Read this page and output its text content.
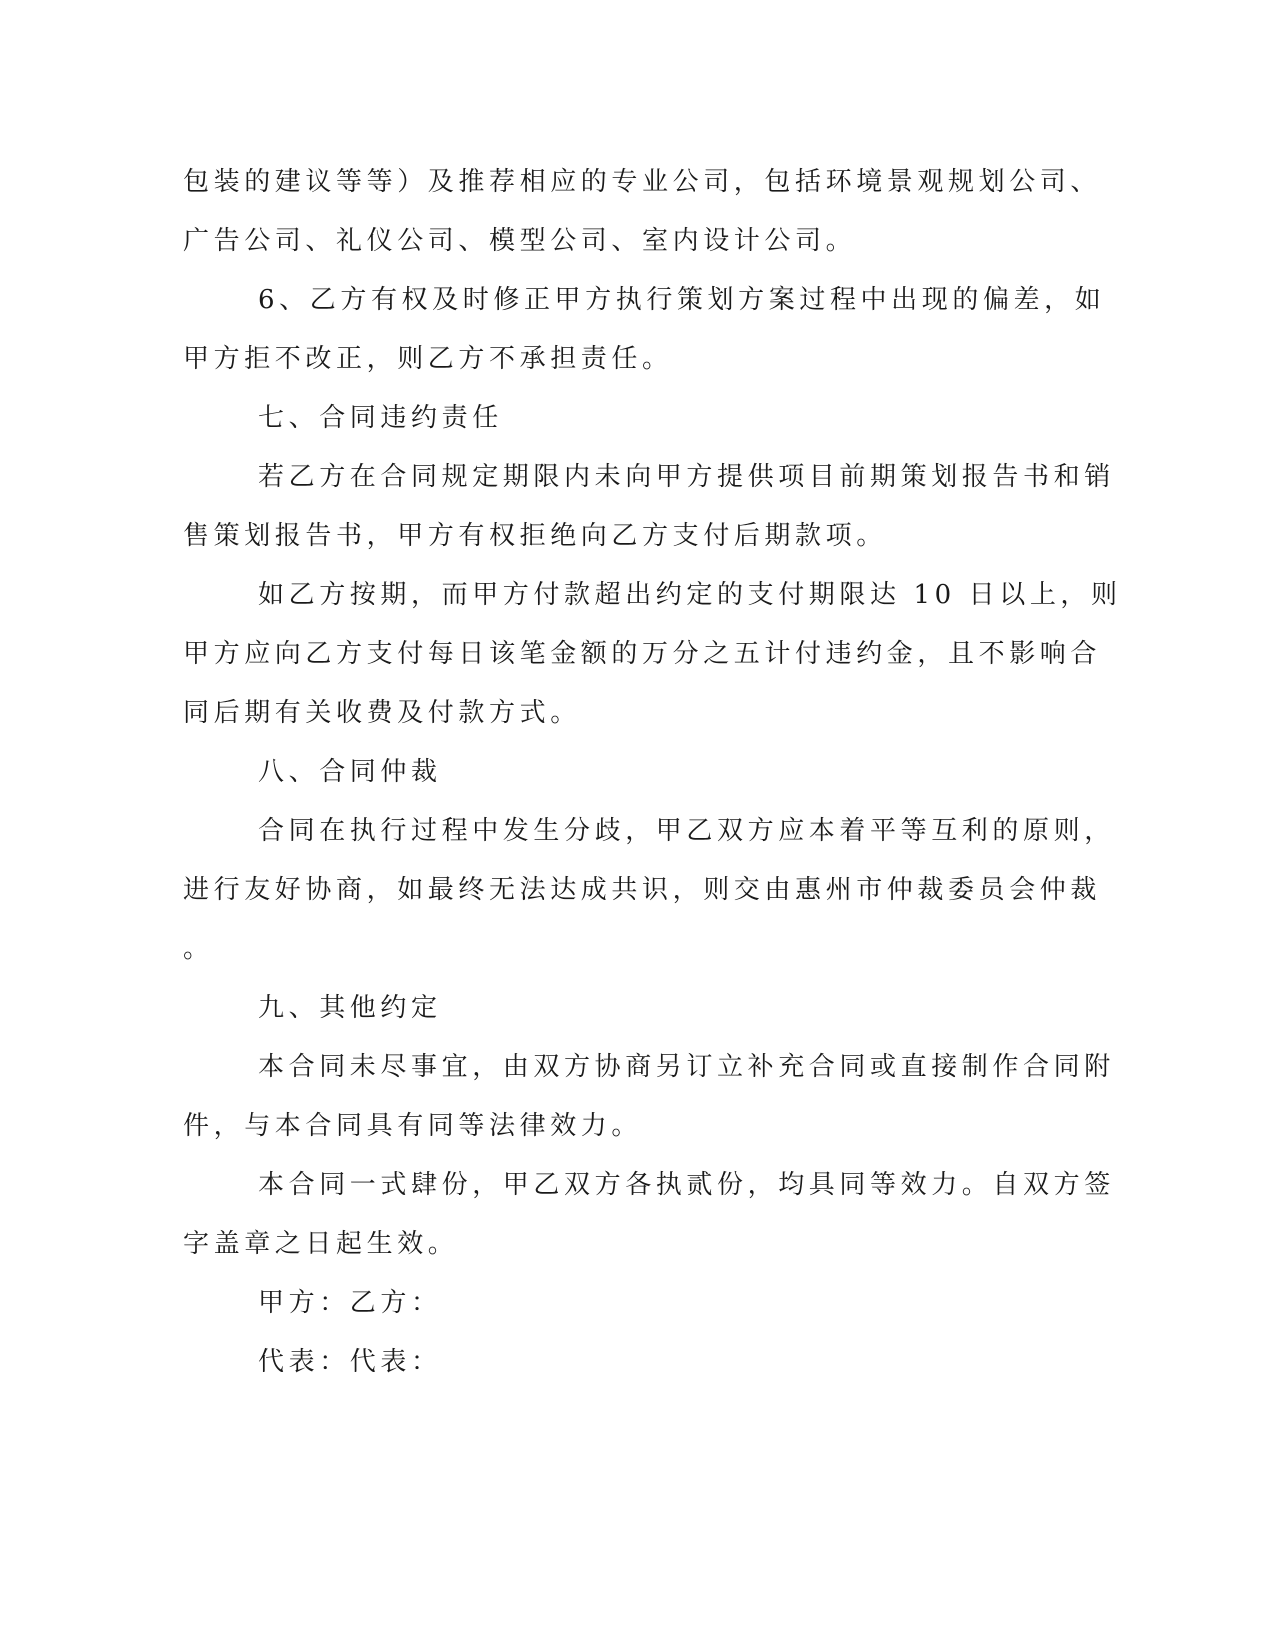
包装的建议等等）及推荐相应的专业公司，包括环境景观规划公司、
广告公司、礼仪公司、模型公司、室内设计公司。
6、乙方有权及时修正甲方执行策划方案过程中出现的偏差，如
甲方拒不改正，则乙方不承担责任。
七、合同违约责任
若乙方在合同规定期限内未向甲方提供项目前期策划报告书和销
售策划报告书，甲方有权拒绝向乙方支付后期款项。
如乙方按期，而甲方付款超出约定的支付期限达 10 日以上，则
甲方应向乙方支付每日该笔金额的万分之五计付违约金，且不影响合
同后期有关收费及付款方式。
八、合同仲裁
合同在执行过程中发生分歧，甲乙双方应本着平等互利的原则，
进行友好协商，如最终无法达成共识，则交由惠州市仲裁委员会仲裁
。
九、其他约定
本合同未尽事宜，由双方协商另订立补充合同或直接制作合同附
件，与本合同具有同等法律效力。
本合同一式肆份，甲乙双方各执贰份，均具同等效力。自双方签
字盖章之日起生效。
甲方：乙方：
代表：代表：
